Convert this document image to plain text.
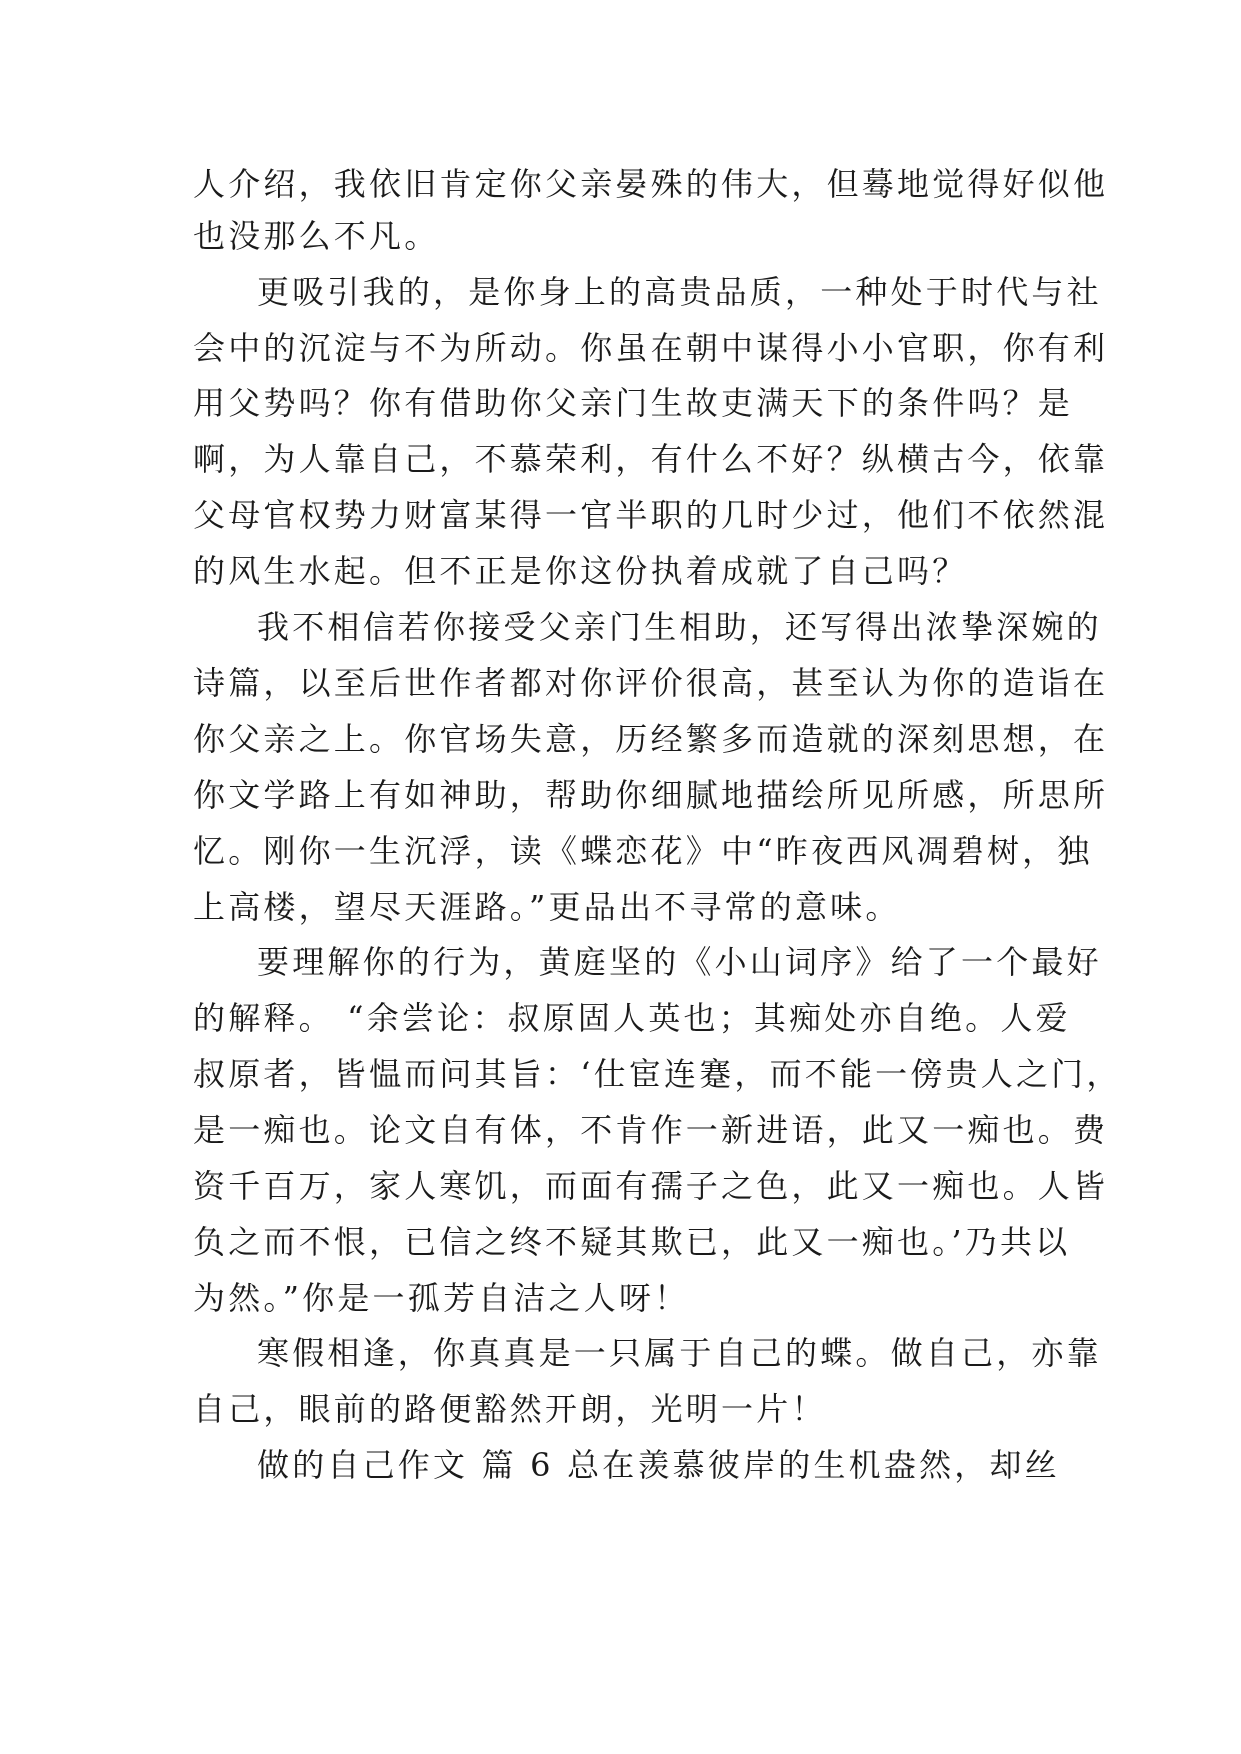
人介绍，我依旧肯定你父亲晏殊的伟大，但蓦地觉得好似他
也没那么不凡。
更吸引我的，是你身上的高贵品质，一种处于时代与社
会中的沉淀与不为所动。你虽在朝中谋得小小官职，你有利
用父势吗？你有借助你父亲门生故吏满天下的条件吗？是
啊，为人靠自己，不慕荣利，有什么不好？纵横古今，依靠
父母官权势力财富某得一官半职的几时少过，他们不依然混
的风生水起。但不正是你这份执着成就了自己吗？
我不相信若你接受父亲门生相助，还写得出浓挚深婉的
诗篇，以至后世作者都对你评价很高，甚至认为你的造诣在
你父亲之上。你官场失意，历经繁多而造就的深刻思想，在
你文学路上有如神助，帮助你细腻地描绘所见所感，所思所
忆。刚你一生沉浮，读《蝶恋花》中“昨夜西风凋碧树，独
上高楼，望尽天涯路。”更品出不寻常的意味。
要理解你的行为，黄庭坚的《小山词序》给了一个最好
的解释。 “余尝论：叔原固人英也；其痴处亦自绝。人爱
叔原者，皆愠而问其旨：‘仕宦连蹇，而不能一傍贵人之门，
是一痴也。论文自有体，不肯作一新进语，此又一痴也。费
资千百万，家人寒饥，而面有孺子之色，此又一痴也。人皆
负之而不恨，已信之终不疑其欺已，此又一痴也。’乃共以
为然。”你是一孤芳自洁之人呀！
寒假相逢，你真真是一只属于自己的蝶。做自己，亦靠
自己，眼前的路便豁然开朗，光明一片！
做的自己作文 篇 6 总在羡慕彼岸的生机盎然，却丝
